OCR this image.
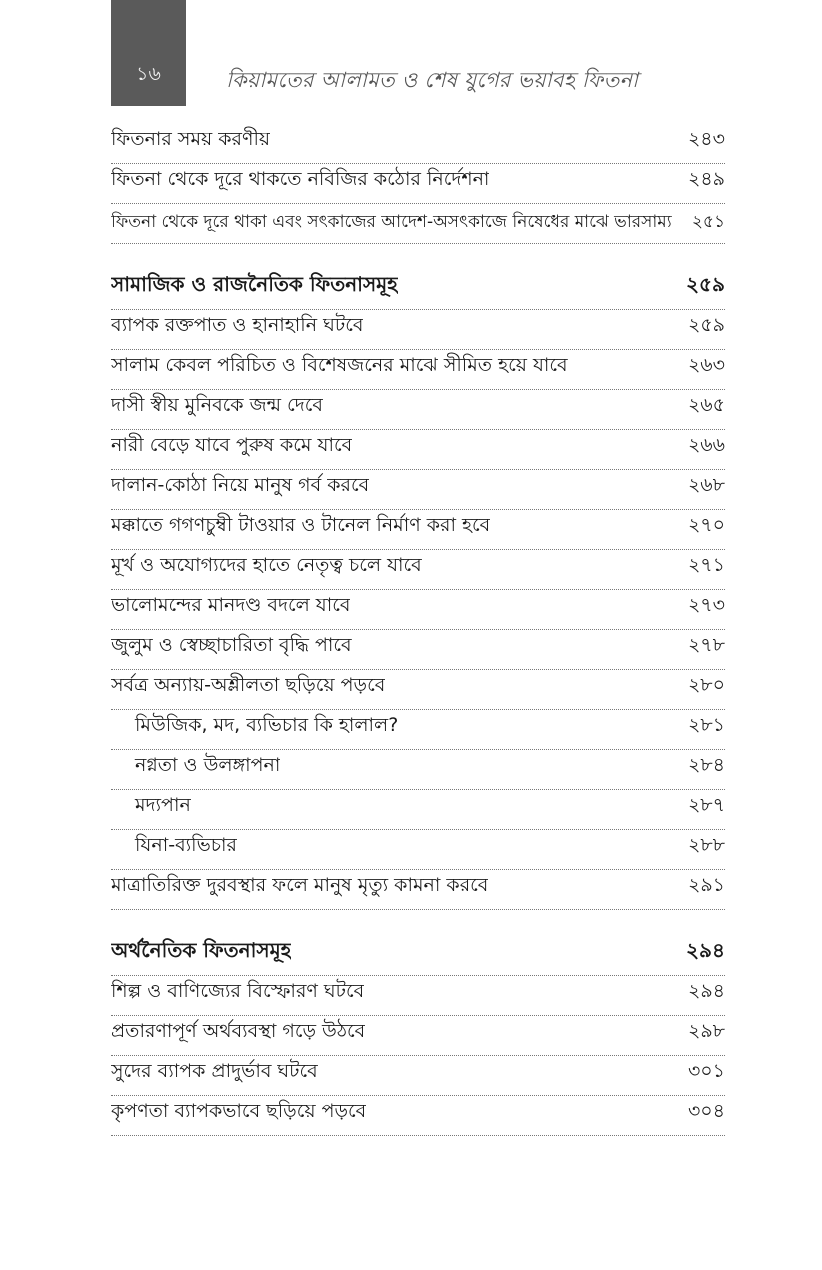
১৬	কিয়ামতের আলামত ও শেষ যুগের ভয়াবহ ফিতনা
ফিতনার সময় করণীয়	২৪৩
ফিতনা থেকে দূরে থাকতে নবিজির কঠোর নির্দেশনা	২৪৯
ফিতনা থেকে দূরে থাকা এবং সৎকাজের আদেশ-অসৎকাজে নিষেধের মাঝে ভারসাম্য	২৫১
সামাজিক ও রাজনৈতিক ফিতনাসমূহ	২৫৯
ব্যাপক রক্তপাত ও হানাহানি ঘটবে	২৫৯
সালাম কেবল পরিচিত ও বিশেষজনের মাঝে সীমিত হয়ে যাবে	২৬৩
দাসী স্বীয় মুনিবকে জন্ম দেবে	২৬৫
নারী বেড়ে যাবে পুরুষ কমে যাবে	২৬৬
দালান-কোঠা নিয়ে মানুষ গর্ব করবে	২৬৮
মক্কাতে গগণচুম্বী টাওয়ার ও টানেল নির্মাণ করা হবে	২৭০
মূর্খ ও অযোগ্যদের হাতে নেতৃত্ব চলে যাবে	২৭১
ভালোমন্দের মানদণ্ড বদলে যাবে	২৭৩
জুলুম ও স্বেচ্ছাচারিতা বৃদ্ধি পাবে	২৭৮
সর্বত্র অন্যায়-অশ্লীলতা ছড়িয়ে পড়বে	২৮০
মিউজিক, মদ, ব্যভিচার কি হালাল?	২৮১
নগ্নতা ও উলঙ্গাপনা	২৮৪
মদ্যপান	২৮৭
যিনা-ব্যভিচার	২৮৮
মাত্রাতিরিক্ত দুরবস্থার ফলে মানুষ মৃত্যু কামনা করবে	২৯১
অর্থনৈতিক ফিতনাসমূহ	২৯৪
শিল্প ও বাণিজ্যের বিস্ফোরণ ঘটবে	২৯৪
প্রতারণাপূর্ণ অর্থব্যবস্থা গড়ে উঠবে	২৯৮
সুদের ব্যাপক প্রাদুর্ভাব ঘটবে	৩০১
কৃপণতা ব্যাপকভাবে ছড়িয়ে পড়বে	৩০৪
